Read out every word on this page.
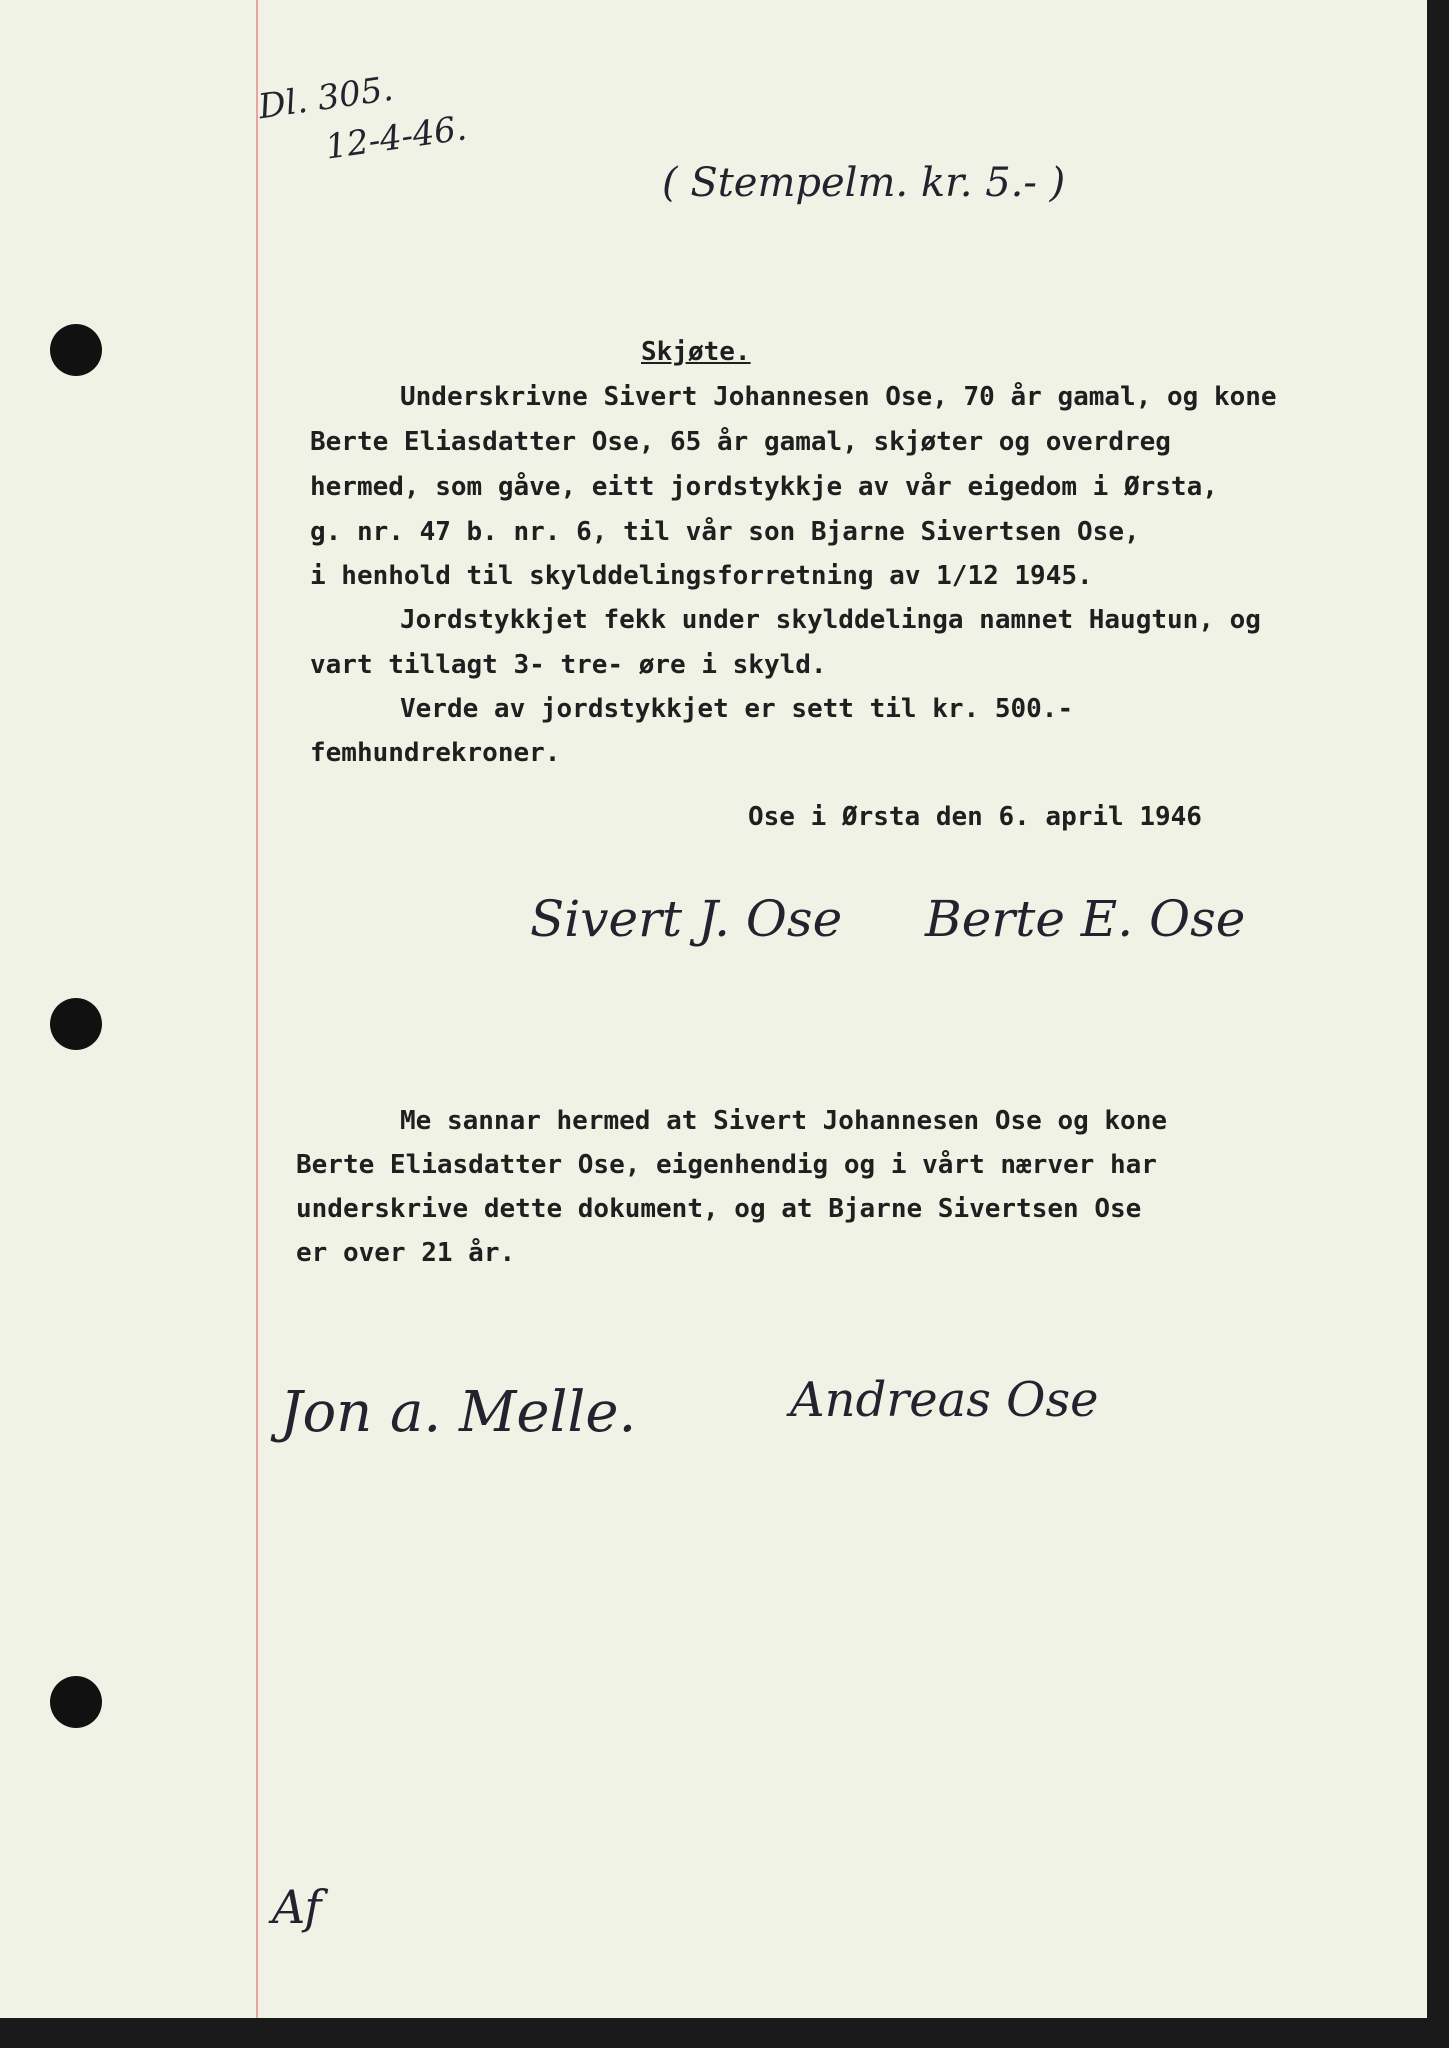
Dl. 305.
12-4-46.
( Stempelm. kr. 5.- )
Skjøte.
Underskrivne Sivert Johannesen Ose, 70 år gamal, og kone
Berte Eliasdatter Ose, 65 år gamal, skjøter og overdreg
hermed, som gåve, eitt jordstykkje av vår eigedom i Ørsta,
g. nr. 47 b. nr. 6, til vår son Bjarne Sivertsen Ose,
i henhold til skylddelingsforretning av 1/12 1945.
Jordstykkjet fekk under skylddelinga namnet Haugtun, og
vart tillagt 3- tre- øre i skyld.
Verde av jordstykkjet er sett til kr. 500.-
femhundrekroner.
Ose i Ørsta den 6. april 1946
Sivert J. Ose Berte E. Ose
Me sannar hermed at Sivert Johannesen Ose og kone
Berte Eliasdatter Ose, eigenhendig og i vårt nærver har
underskrive dette dokument, og at Bjarne Sivertsen Ose
er over 21 år.
Jon a. Melle.	Andreas Ose
Af
